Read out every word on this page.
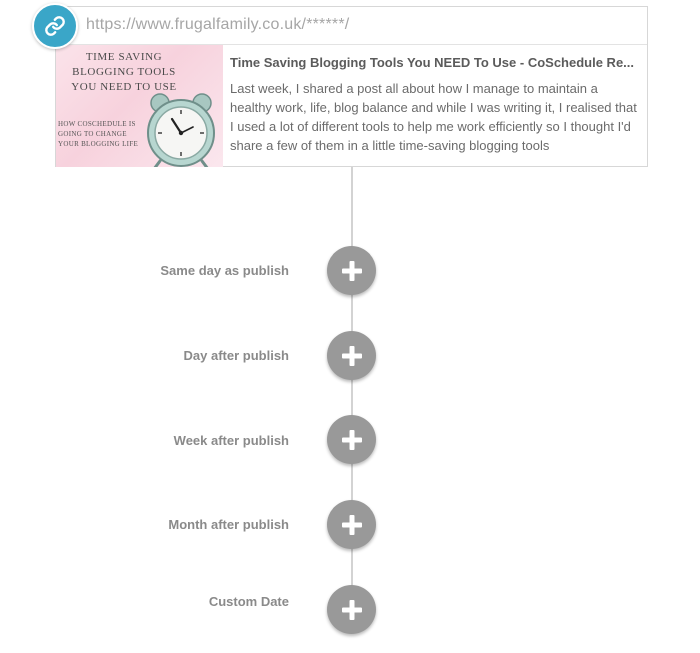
https://www.frugalfamily.co.uk/******/
TIME SAVING BLOGGING TOOLS YOU NEED TO USE
HOW COSCHEDULE IS GOING TO CHANGE YOUR BLOGGING LIFE
Time Saving Blogging Tools You NEED To Use - CoSchedule Re...
Last week, I shared a post all about how I manage to maintain a healthy work, life, blog balance and while I was writing it, I realised that I used a lot of different tools to help me work efficiently so I thought I'd share a few of them in a little time-saving blogging tools
Same day as publish
Day after publish
Week after publish
Month after publish
Custom Date
